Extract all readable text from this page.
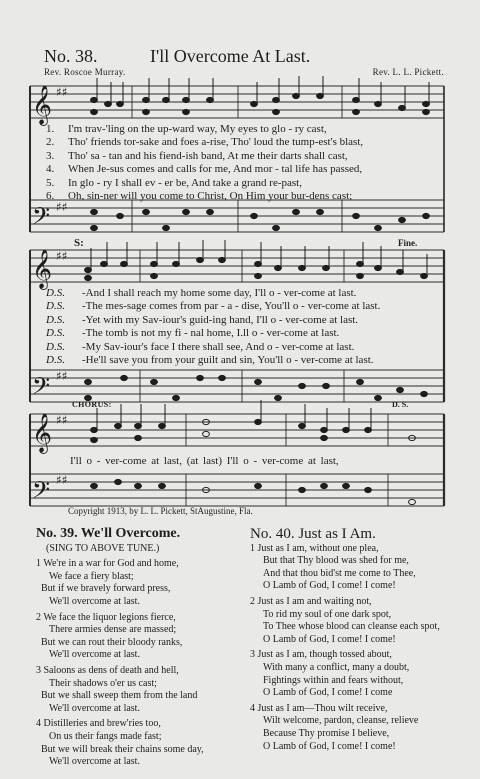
No. 38.	I'll Overcome At Last.
Rev. Roscoe Murray.	Rev. L. L. Pickett.
𝄞
𝄢
𝄞
𝄢
𝄞
𝄢
♯♯
♯♯
♯♯
♯♯
♯♯
♯♯
1.	I'm trav-'ling on the up-ward way, My eyes to glo - ry cast,
2.	Tho' friends tor-sake and foes a-rise, Tho' loud the tump-est's blast,
3.	Tho' sa - tan and his fiend-ish band, At me their darts shall cast,
4.	When Je-sus comes and calls for me, And mor - tal life has passed,
5.	In glo - ry I shall ev - er be, And take a grand re-past,
6.	Oh, sin-ner will you come to Christ, On Him your bur-dens cast;
S:	Fine.
D.S.	-And I shall reach my home some day, I'll o - ver-come at last.
D.S.	-The mes-sage comes from par - a - dise, You'll o - ver-come at last.
D.S.	-Yet with my Sav-iour's guid-ing hand, I'll o - ver-come at last.
D.S.	-The tomb is not my fi - nal home, I.ll o - ver-come at last.
D.S.	-My Sav-iour's face I there shall see, And o - ver-come at last.
D.S.	-He'll save you from your guilt and sin, You'll o - ver-come at last.
CHORUS:	D. S.
I'll o - ver-come at last, (at last) I'll o - ver-come at last,
Copyright 1913, by L. L. Pickett, StAugustine, Fla.
No. 39. We'll Overcome.
(SING TO ABOVE TUNE.)
1 We're in a war for God and home,
We face a fiery blast;
But if we bravely forward press,
We'll overcome at last.
2 We face the liquor legions fierce,
There armies dense are massed;
But we can rout their bloody ranks,
We'll overcome at last.
3 Saloons as dens of death and hell,
Their shadows o'er us cast;
But we shall sweep them from the land
We'll overcome at last.
4 Distilleries and brew'ries too,
On us their fangs made fast;
But we will break their chains some day,
We'll overcome at last.
No. 40. Just as I Am.
1 Just as I am, without one plea,
But that Thy blood was shed for me,
And that thou bid'st me come to Thee,
O Lamb of God, I come! I come!
2 Just as I am and waiting not,
To rid my soul of one dark spot,
To Thee whose blood can cleanse each spot,
O Lamb of God, I come! I come!
3 Just as I am, though tossed about,
With many a conflict, many a doubt,
Fightings within and fears without,
O Lamb of God, I come! I come
4 Just as I am—Thou wilt receive,
Wilt welcome, pardon, cleanse, relieve
Because Thy promise I believe,
O Lamb of God, I come! I come!
